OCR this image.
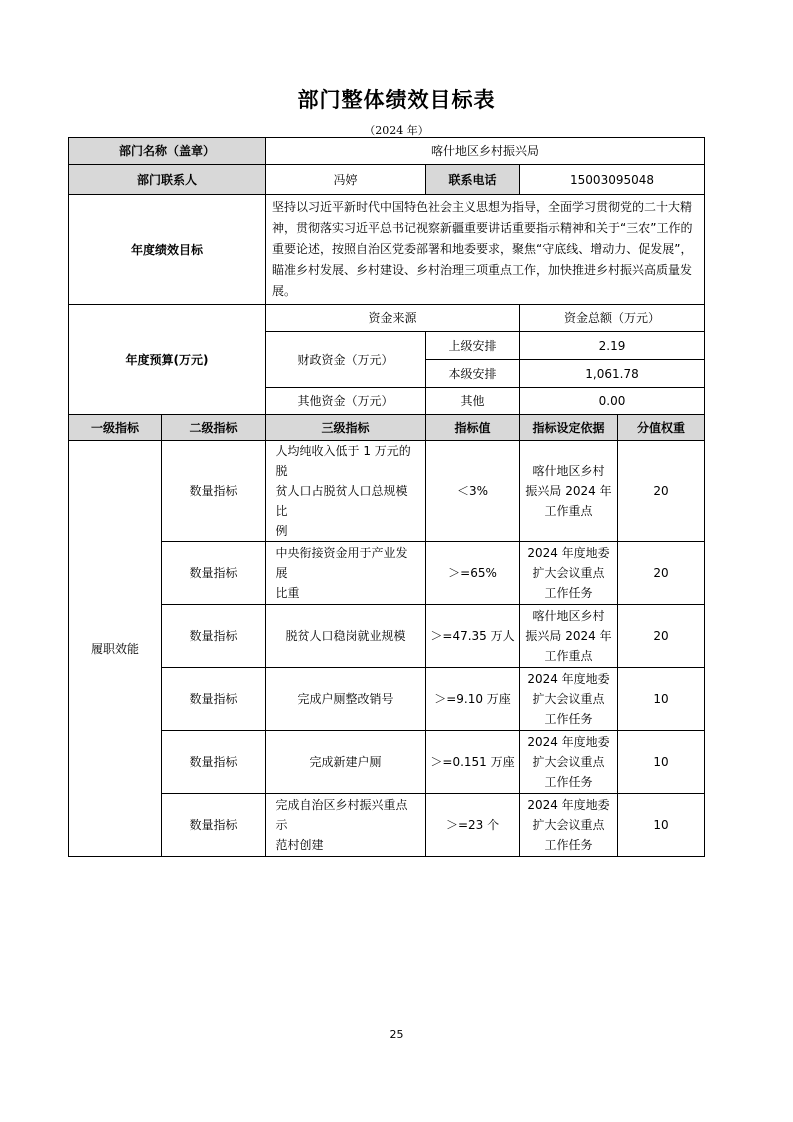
部门整体绩效目标表
（2024 年）
部门名称（盖章）		喀什地区乡村振兴局			
部门联系人		冯婷	联系电话	15003095048	
年度绩效目标		坚持以习近平新时代中国特色社会主义思想为指导，全面学习贯彻党的二十大精神，贯彻落实习近平总书记视察新疆重要讲话重要指示精神和关于“三农”工作的重要论述，按照自治区党委部署和地委要求，聚焦“守底线、增动力、促发展”，瞄准乡村发展、乡村建设、乡村治理三项重点工作，加快推进乡村振兴高质量发展。			
年度预算(万元)		资金来源		资金总额（万元）	
		财政资金（万元）	上级安排	2.19	
			本级安排	1,061.78	
		其他资金（万元）	其他	0.00	
一级指标	二级指标	三级指标	指标值	指标设定依据	分值权重
履职效能	数量指标	人均纯收入低于 1 万元的脱
贫人口占脱贫人口总规模比
例	＜3%	喀什地区乡村
振兴局 2024 年
工作重点	20
	数量指标	中央衔接资金用于产业发展
比重	＞=65%	2024 年度地委
扩大会议重点
工作任务	20
	数量指标	脱贫人口稳岗就业规模	＞=47.35 万人	喀什地区乡村
振兴局 2024 年
工作重点	20
	数量指标	完成户厕整改销号	＞=9.10 万座	2024 年度地委
扩大会议重点
工作任务	10
	数量指标	完成新建户厕	＞=0.151 万座	2024 年度地委
扩大会议重点
工作任务	10
	数量指标	完成自治区乡村振兴重点示
范村创建	＞=23 个	2024 年度地委
扩大会议重点
工作任务	10
25
